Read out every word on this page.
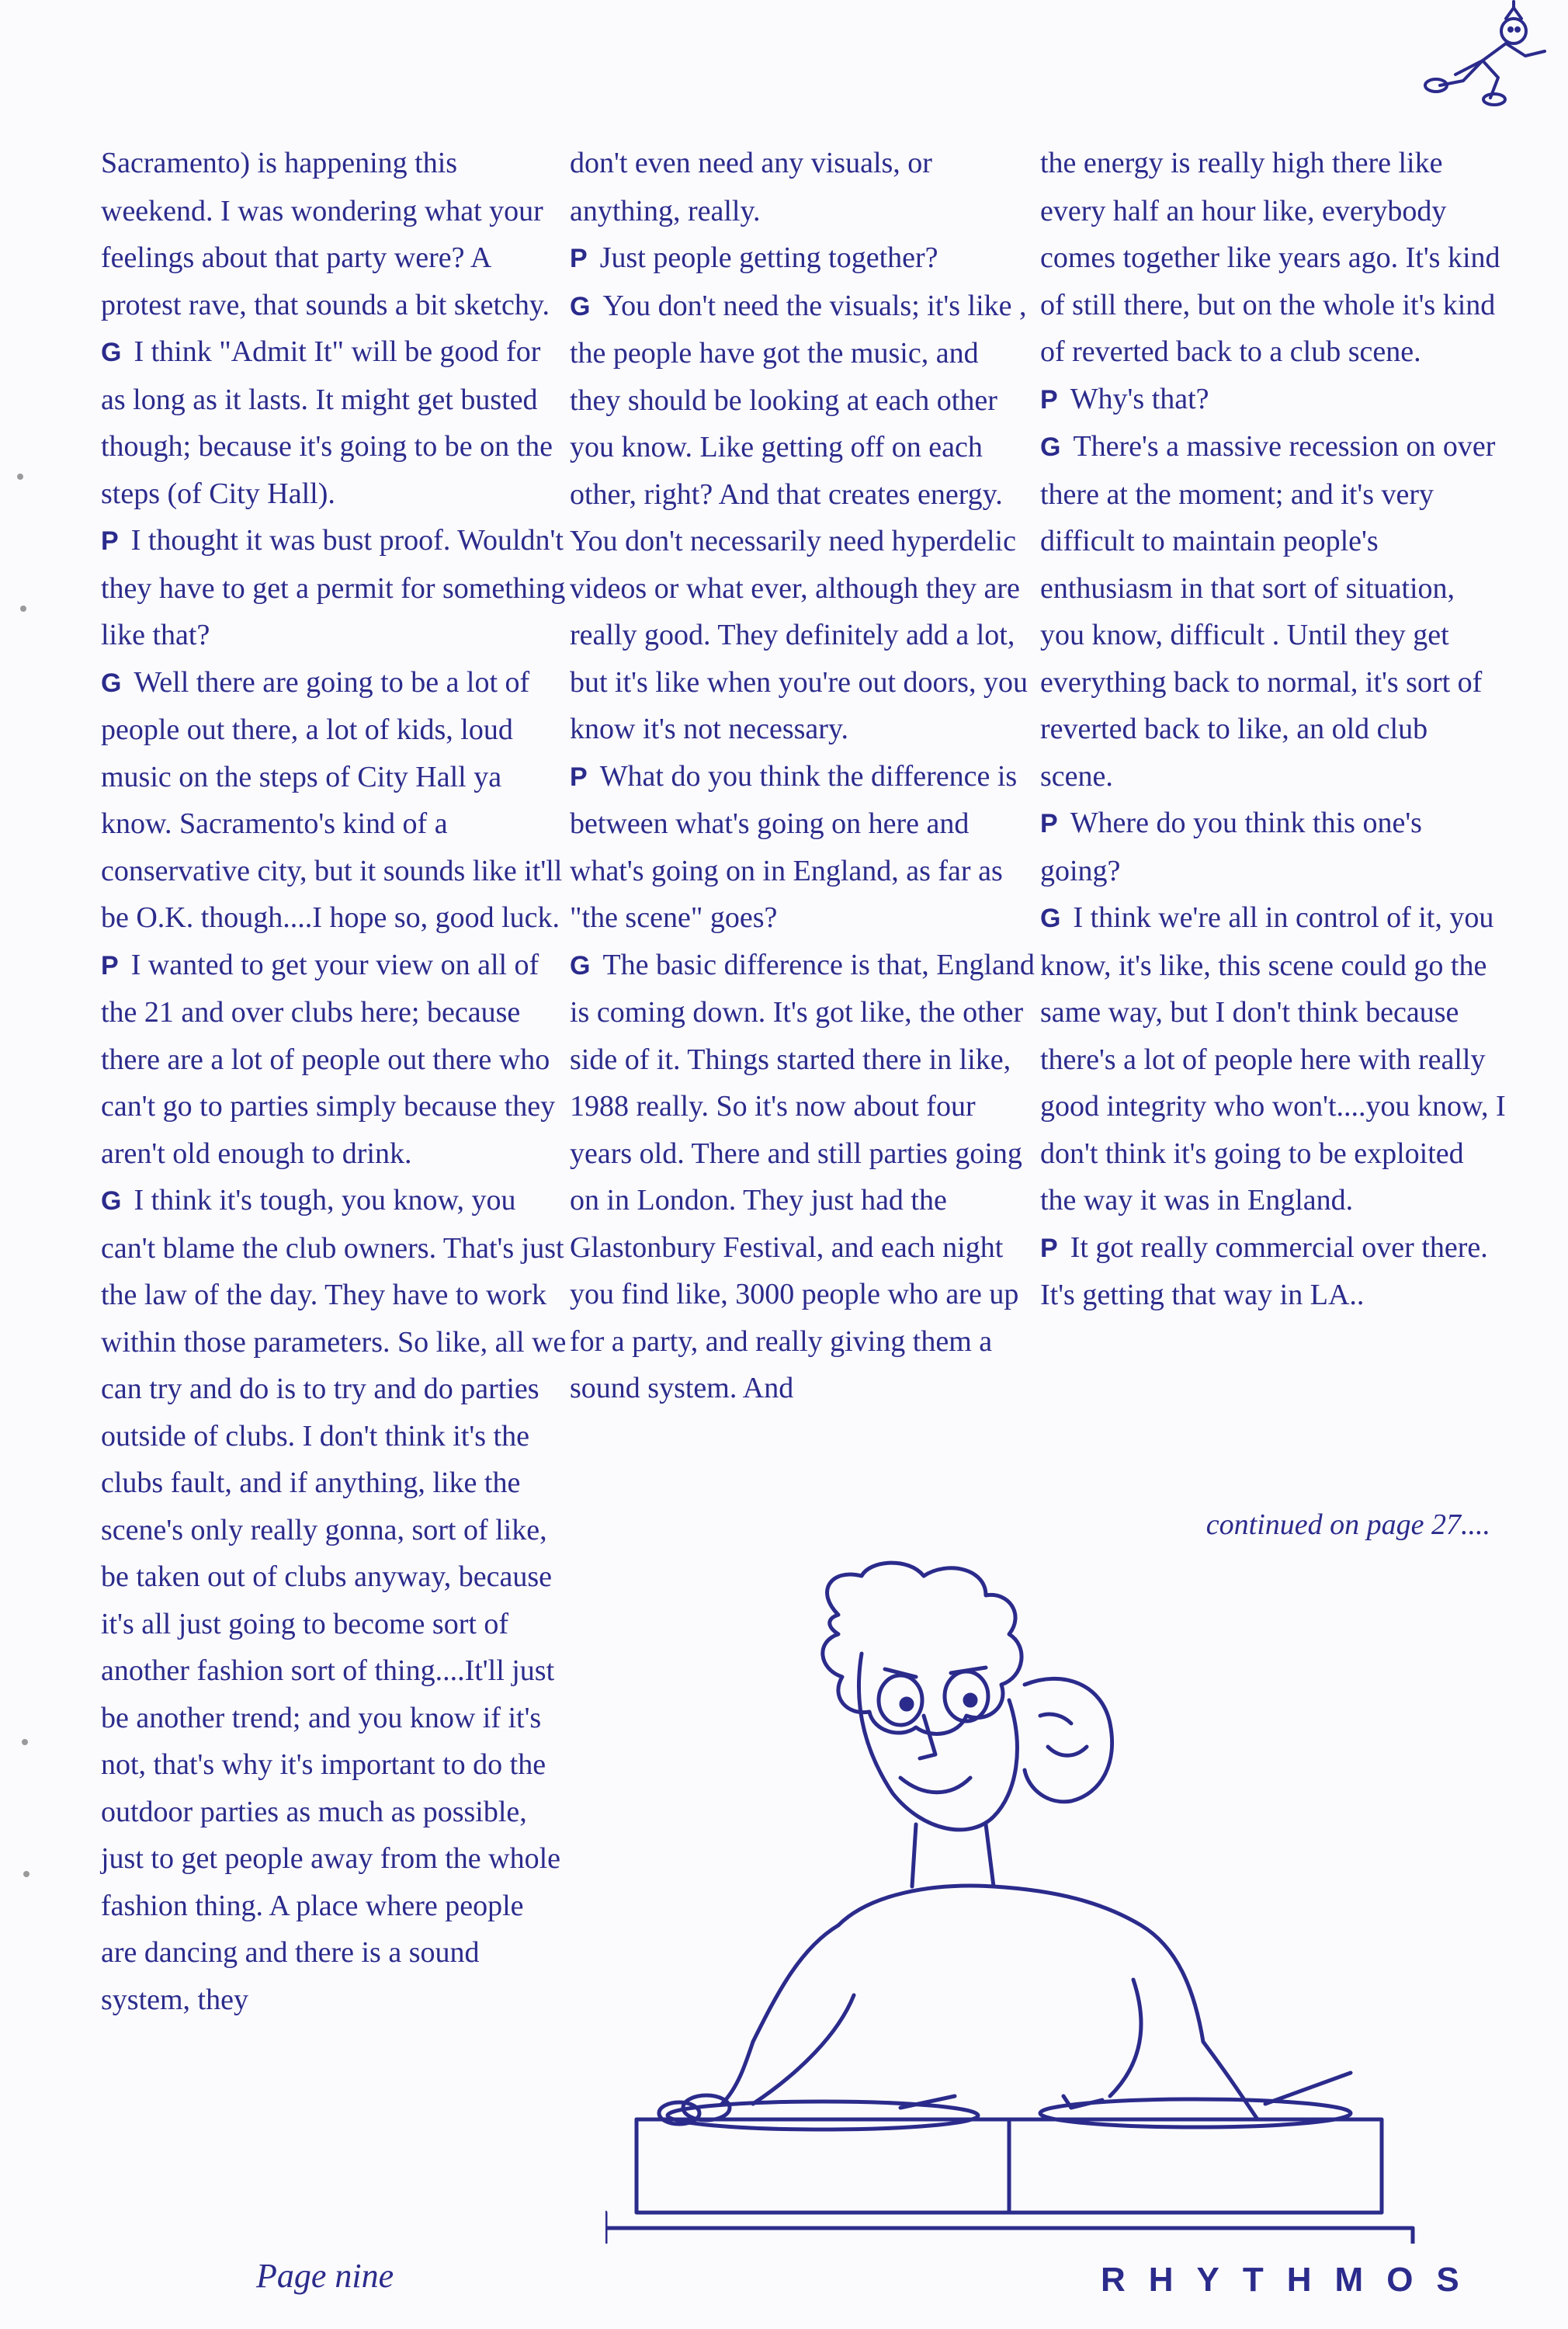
Sacramento) is happening this weekend. I was wondering what your feelings about that party were? A protest rave, that sounds a bit sketchy.

G I think "Admit It" will be good for as long as it lasts. It might get busted though; because it's going to be on the steps (of City Hall).

P I thought it was bust proof. Wouldn't they have to get a permit for something like that?

G Well there are going to be a lot of people out there, a lot of kids, loud music on the steps of City Hall ya know. Sacramento's kind of a conservative city, but it sounds like it'll be O.K. though....I hope so, good luck.

P I wanted to get your view on all of the 21 and over clubs here; because there are a lot of people out there who can't go to parties simply because they aren't old enough to drink.

G I think it's tough, you know, you can't blame the club owners. That's just the law of the day. They have to work within those parameters. So like, all we can try and do is to try and do parties outside of clubs. I don't think it's the clubs fault, and if anything, like the scene's only really gonna, sort of like, be taken out of clubs anyway, because it's all just going to become sort of another fashion sort of thing....It'll just be another trend; and you know if it's not, that's why it's important to do the outdoor parties as much as possible, just to get people away from the whole fashion thing. A place where people are dancing and there is a sound system, they

don't even need any visuals, or anything, really.

P Just people getting together?

G You don't need the visuals; it's like , the people have got the music, and they should be looking at each other you know. Like getting off on each other, right? And that creates energy. You don't necessarily need hyperdelic videos or what ever, although they are really good. They definitely add a lot, but it's like when you're out doors, you know it's not necessary.

P What do you think the difference is between what's going on here and what's going on in England, as far as "the scene" goes?

G The basic difference is that, England is coming down. It's got like, the other side of it. Things started there in like, 1988 really. So it's now about four years old. There and still parties going on in London. They just had the Glastonbury Festival, and each night you find like, 3000 people who are up for a party, and really giving them a sound system. And

the energy is really high there like every half an hour like, everybody comes together like years ago. It's kind of still there, but on the whole it's kind of reverted back to a club scene.

P Why's that?

G There's a massive recession on over there at the moment; and it's very difficult to maintain people's enthusiasm in that sort of situation, you know, difficult . Until they get everything back to normal, it's sort of reverted back to like, an old club scene.

P Where do you think this one's going?

G I think we're all in control of it, you know, it's like, this scene could go the same way, but I don't think because there's a lot of people here with really good integrity who won't....you know, I don't think it's going to be exploited the way it was in England.

P It got really commercial over there. It's getting that way in LA..

continued on page 27....
Page nine	RHYTHMOS
